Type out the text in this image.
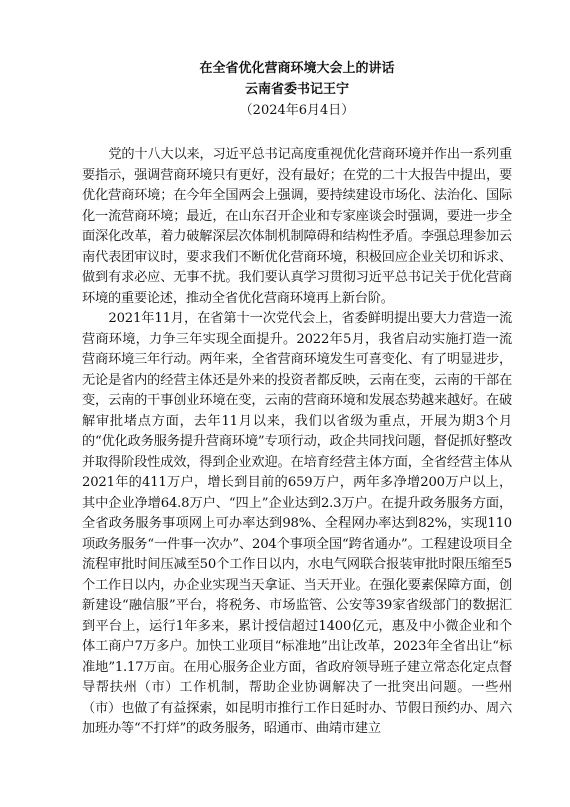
在全省优化营商环境大会上的讲话

云南省委书记王宁

（2024年6月4日）

党的十八大以来，习近平总书记高度重视优化营商环境并作出一系列重要指示，强调营商环境只有更好，没有最好；在党的二十大报告中提出，要优化营商环境；在今年全国两会上强调，要持续建设市场化、法治化、国际化一流营商环境；最近，在山东召开企业和专家座谈会时强调，要进一步全面深化改革，着力破解深层次体制机制障碍和结构性矛盾。李强总理参加云南代表团审议时，要求我们不断优化营商环境，积极回应企业关切和诉求、做到有求必应、无事不扰。我们要认真学习贯彻习近平总书记关于优化营商环境的重要论述，推动全省优化营商环境再上新台阶。

2021年11月，在省第十一次党代会上，省委鲜明提出要大力营造一流营商环境，力争三年实现全面提升。2022年5月，我省启动实施打造一流营商环境三年行动。两年来，全省营商环境发生可喜变化、有了明显进步，无论是省内的经营主体还是外来的投资者都反映，云南在变，云南的干部在变，云南的干事创业环境在变，云南的营商环境和发展态势越来越好。在破解审批堵点方面，去年11月以来，我们以省级为重点，开展为期3个月的“优化政务服务提升营商环境”专项行动，政企共同找问题，督促抓好整改并取得阶段性成效，得到企业欢迎。在培育经营主体方面，全省经营主体从2021年的411万户，增长到目前的659万户，两年多净增200万户以上，其中企业净增64.8万户、“四上”企业达到2.3万户。在提升政务服务方面，全省政务服务事项网上可办率达到98%、全程网办率达到82%，实现110项政务服务“一件事一次办”、204个事项全国“跨省通办”。工程建设项目全流程审批时间压减至50个工作日以内，水电气网联合报装审批时限压缩至5个工作日以内，办企业实现当天拿证、当天开业。在强化要素保障方面，创新建设“融信服”平台，将税务、市场监管、公安等39家省级部门的数据汇到平台上，运行1年多来，累计授信超过1400亿元，惠及中小微企业和个体工商户7万多户。加快工业项目“标准地”出让改革，2023年全省出让“标准地”1.17万亩。在用心服务企业方面，省政府领导班子建立常态化定点督导帮扶州（市）工作机制，帮助企业协调解决了一批突出问题。一些州（市）也做了有益探索，如昆明市推行工作日延时办、节假日预约办、周六加班办等“不打烊”的政务服务，昭通市、曲靖市建立
